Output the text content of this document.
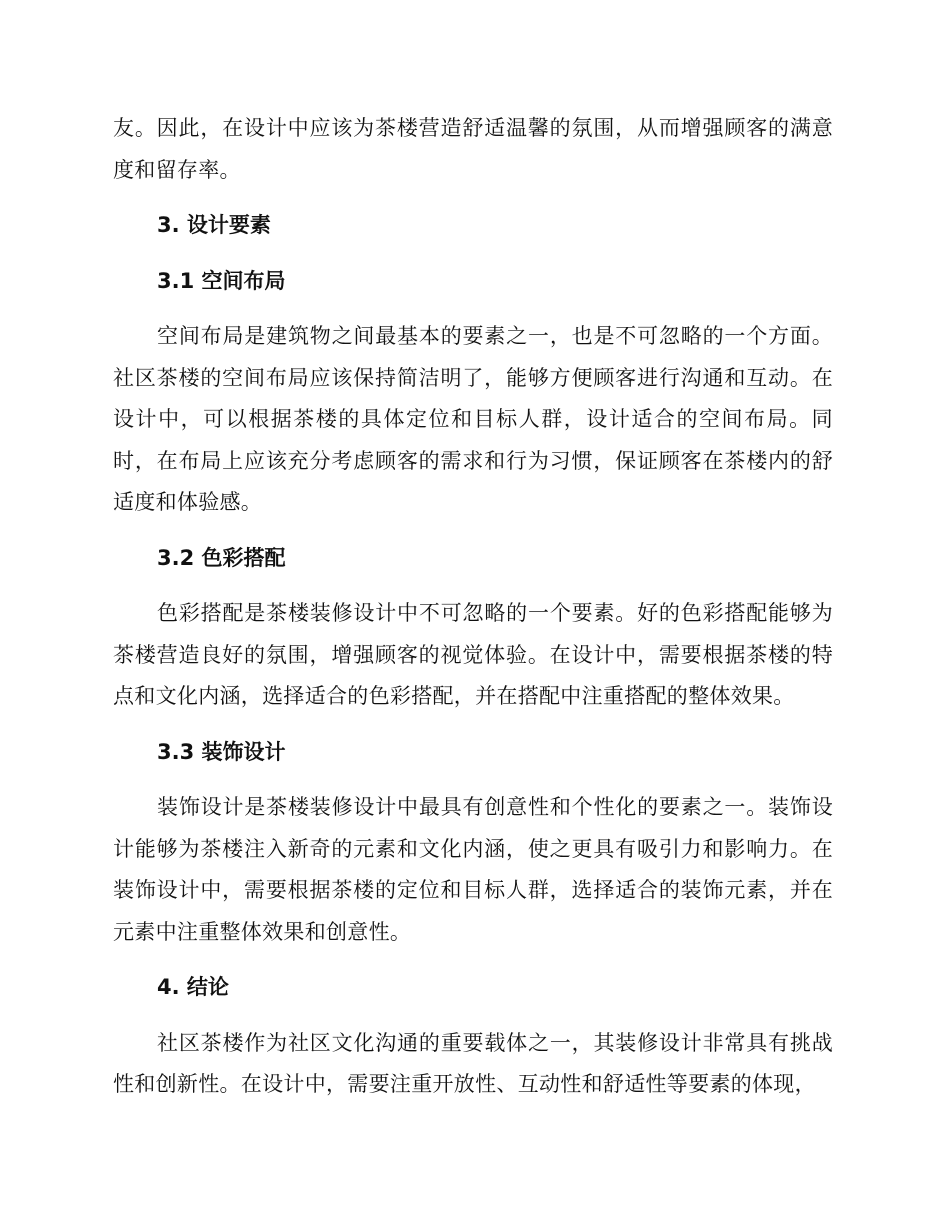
友。因此，在设计中应该为茶楼营造舒适温馨的氛围，从而增强顾客的满意度和留存率。

3. 设计要素
3.1 空间布局

空间布局是建筑物之间最基本的要素之一，也是不可忽略的一个方面。社区茶楼的空间布局应该保持简洁明了，能够方便顾客进行沟通和互动。在设计中，可以根据茶楼的具体定位和目标人群，设计适合的空间布局。同时，在布局上应该充分考虑顾客的需求和行为习惯，保证顾客在茶楼内的舒适度和体验感。

3.2 色彩搭配

色彩搭配是茶楼装修设计中不可忽略的一个要素。好的色彩搭配能够为茶楼营造良好的氛围，增强顾客的视觉体验。在设计中，需要根据茶楼的特点和文化内涵，选择适合的色彩搭配，并在搭配中注重搭配的整体效果。

3.3 装饰设计

装饰设计是茶楼装修设计中最具有创意性和个性化的要素之一。装饰设计能够为茶楼注入新奇的元素和文化内涵，使之更具有吸引力和影响力。在装饰设计中，需要根据茶楼的定位和目标人群，选择适合的装饰元素，并在元素中注重整体效果和创意性。

4. 结论

社区茶楼作为社区文化沟通的重要载体之一，其装修设计非常具有挑战性和创新性。在设计中，需要注重开放性、互动性和舒适性等要素的体现，
